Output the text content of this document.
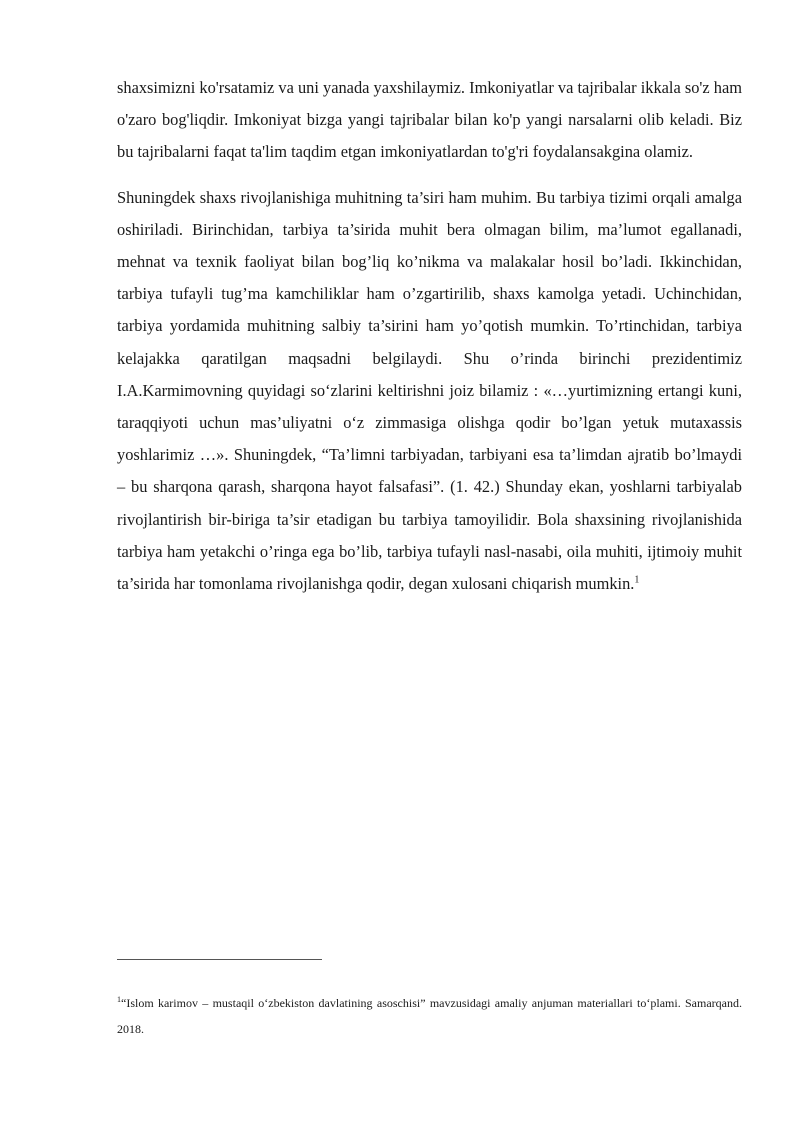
shaxsimizni ko'rsatamiz va uni yanada yaxshilaymiz. Imkoniyatlar va tajribalar ikkala so'z ham o'zaro bog'liqdir. Imkoniyat bizga yangi tajribalar bilan ko'p yangi narsalarni olib keladi. Biz bu tajribalarni faqat ta'lim taqdim etgan imkoniyatlardan to'g'ri foydalansakgina olamiz.

Shuningdek shaxs rivojlanishiga muhitning ta’siri ham muhim. Bu tarbiya tizimi orqali amalga oshiriladi. Birinchidan, tarbiya ta’sirida muhit bera olmagan bilim, ma’lumot egallanadi, mehnat va texnik faoliyat bilan bog’liq ko’nikma va malakalar hosil bo’ladi. Ikkinchidan, tarbiya tufayli tug’ma kamchiliklar ham o’zgartirilib, shaxs kamolga yetadi. Uchinchidan, tarbiya yordamida muhitning salbiy ta’sirini ham yo’qotish mumkin. To’rtinchidan, tarbiya kelajakka qaratilgan maqsadni belgilaydi. Shu o’rinda birinchi prezidentimiz I.A.Karmimovning quyidagi so‘zlarini keltirishni joiz bilamiz : «…yurtimizning ertangi kuni, taraqqiyoti uchun mas’uliyatni o‘z zimmasiga olishga qodir bo’lgan yetuk mutaxassis yoshlarimiz …». Shuningdek, “Ta’limni tarbiyadan, tarbiyani esa ta’limdan ajratib bo’lmaydi – bu sharqona qarash, sharqona hayot falsafasi”. (1. 42.) Shunday ekan, yoshlarni tarbiyalab rivojlantirish bir-biriga ta’sir etadigan bu tarbiya tamoyilidir. Bola shaxsining rivojlanishida tarbiya ham yetakchi o’ringa ega bo’lib, tarbiya tufayli nasl-nasabi, oila muhiti, ijtimoiy muhit ta’sirida har tomonlama rivojlanishga qodir, degan xulosani chiqarish mumkin.$^1$

$^1$“Islom karimov – mustaqil o‘zbekiston davlatining asoschisi” mavzusidagi amaliy anjuman materiallari to‘plami. Samarqand. 2018.
